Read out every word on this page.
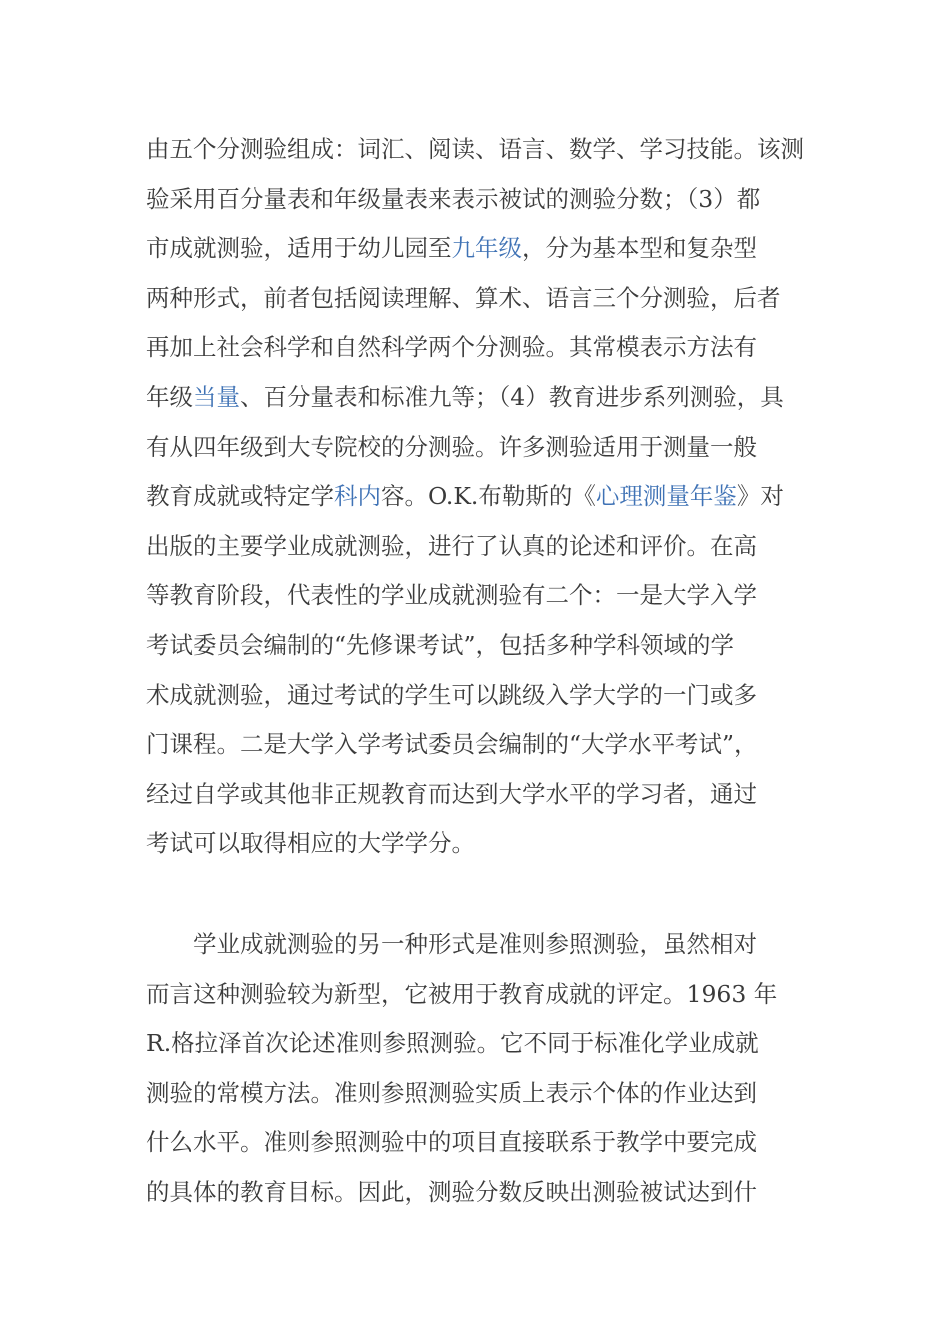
由五个分测验组成：词汇、阅读、语言、数学、学习技能。该测
验采用百分量表和年级量表来表示被试的测验分数；（3）都
市成就测验，适用于幼儿园至九年级，分为基本型和复杂型
两种形式，前者包括阅读理解、算术、语言三个分测验，后者
再加上社会科学和自然科学两个分测验。其常模表示方法有
年级当量、百分量表和标准九等；（4）教育进步系列测验，具
有从四年级到大专院校的分测验。许多测验适用于测量一般
教育成就或特定学科内容。O.K.布勒斯的《心理测量年鉴》对
出版的主要学业成就测验，进行了认真的论述和评价。在高
等教育阶段，代表性的学业成就测验有二个：一是大学入学
考试委员会编制的“先修课考试”，包括多种学科领域的学
术成就测验，通过考试的学生可以跳级入学大学的一门或多
门课程。二是大学入学考试委员会编制的“大学水平考试”，
经过自学或其他非正规教育而达到大学水平的学习者，通过
考试可以取得相应的大学学分。

学业成就测验的另一种形式是准则参照测验，虽然相对
而言这种测验较为新型，它被用于教育成就的评定。1963 年
R.格拉泽首次论述准则参照测验。它不同于标准化学业成就
测验的常模方法。准则参照测验实质上表示个体的作业达到
什么水平。准则参照测验中的项目直接联系于教学中要完成
的具体的教育目标。因此，测验分数反映出测验被试达到什
